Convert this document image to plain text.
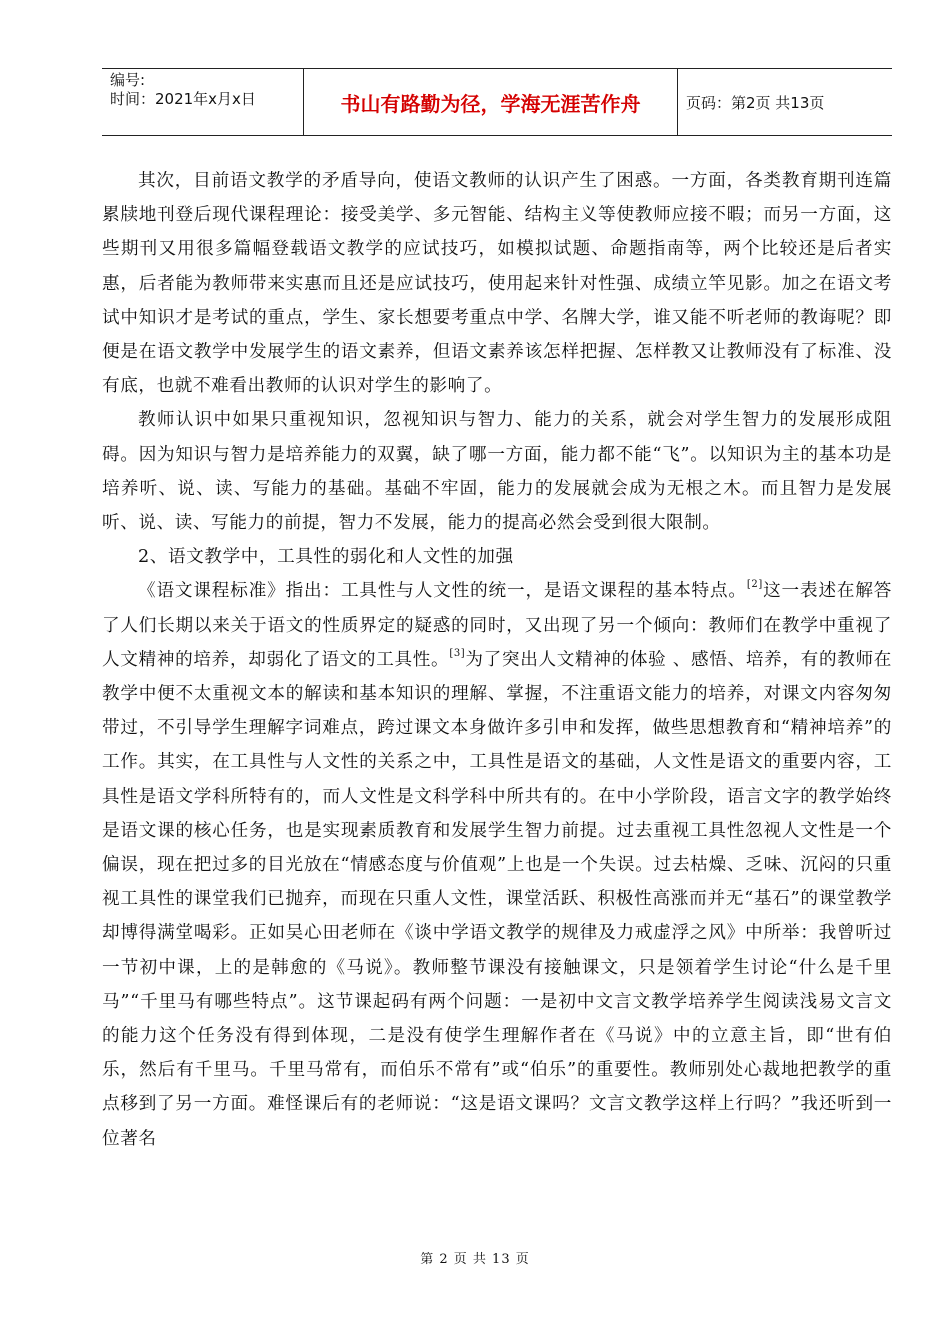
编号:
时间：2021年x月x日	书山有路勤为径，学海无涯苦作舟	页码：第2页 共13页

其次，目前语文教学的矛盾导向，使语文教师的认识产生了困惑。一方面，各类教育期刊连篇累牍地刊登后现代课程理论：接受美学、多元智能、结构主义等使教师应接不暇；而另一方面，这些期刊又用很多篇幅登载语文教学的应试技巧，如模拟试题、命题指南等，两个比较还是后者实惠，后者能为教师带来实惠而且还是应试技巧，使用起来针对性强、成绩立竿见影。加之在语文考试中知识才是考试的重点，学生、家长想要考重点中学、名牌大学，谁又能不听老师的教诲呢？即便是在语文教学中发展学生的语文素养，但语文素养该怎样把握、怎样教又让教师没有了标准、没有底，也就不难看出教师的认识对学生的影响了。

教师认识中如果只重视知识，忽视知识与智力、能力的关系，就会对学生智力的发展形成阻碍。因为知识与智力是培养能力的双翼，缺了哪一方面，能力都不能“飞”。以知识为主的基本功是培养听、说、读、写能力的基础。基础不牢固，能力的发展就会成为无根之木。而且智力是发展听、说、读、写能力的前提，智力不发展，能力的提高必然会受到很大限制。

2、语文教学中，工具性的弱化和人文性的加强

《语文课程标准》指出：工具性与人文性的统一，是语文课程的基本特点。[2]这一表述在解答了人们长期以来关于语文的性质界定的疑惑的同时，又出现了另一个倾向：教师们在教学中重视了人文精神的培养，却弱化了语文的工具性。[3]为了突出人文精神的体验 、感悟、培养，有的教师在教学中便不太重视文本的解读和基本知识的理解、掌握，不注重语文能力的培养，对课文内容匆匆带过，不引导学生理解字词难点，跨过课文本身做许多引申和发挥，做些思想教育和“精神培养”的工作。其实，在工具性与人文性的关系之中，工具性是语文的基础，人文性是语文的重要内容，工具性是语文学科所特有的，而人文性是文科学科中所共有的。在中小学阶段，语言文字的教学始终是语文课的核心任务，也是实现素质教育和发展学生智力前提。过去重视工具性忽视人文性是一个偏误，现在把过多的目光放在“情感态度与价值观”上也是一个失误。过去枯燥、乏味、沉闷的只重视工具性的课堂我们已抛弃，而现在只重人文性，课堂活跃、积极性高涨而并无“基石”的课堂教学却博得满堂喝彩。正如吴心田老师在《谈中学语文教学的规律及力戒虚浮之风》中所举：我曾听过一节初中课，上的是韩愈的《马说》。教师整节课没有接触课文，只是领着学生讨论“什么是千里马”“千里马有哪些特点”。这节课起码有两个问题：一是初中文言文教学培养学生阅读浅易文言文的能力这个任务没有得到体现，二是没有使学生理解作者在《马说》中的立意主旨，即“世有伯乐，然后有千里马。千里马常有，而伯乐不常有”或“伯乐”的重要性。教师别处心裁地把教学的重点移到了另一方面。难怪课后有的老师说：“这是语文课吗？文言文教学这样上行吗？”我还听到一位著名

第 2 页 共 13 页
